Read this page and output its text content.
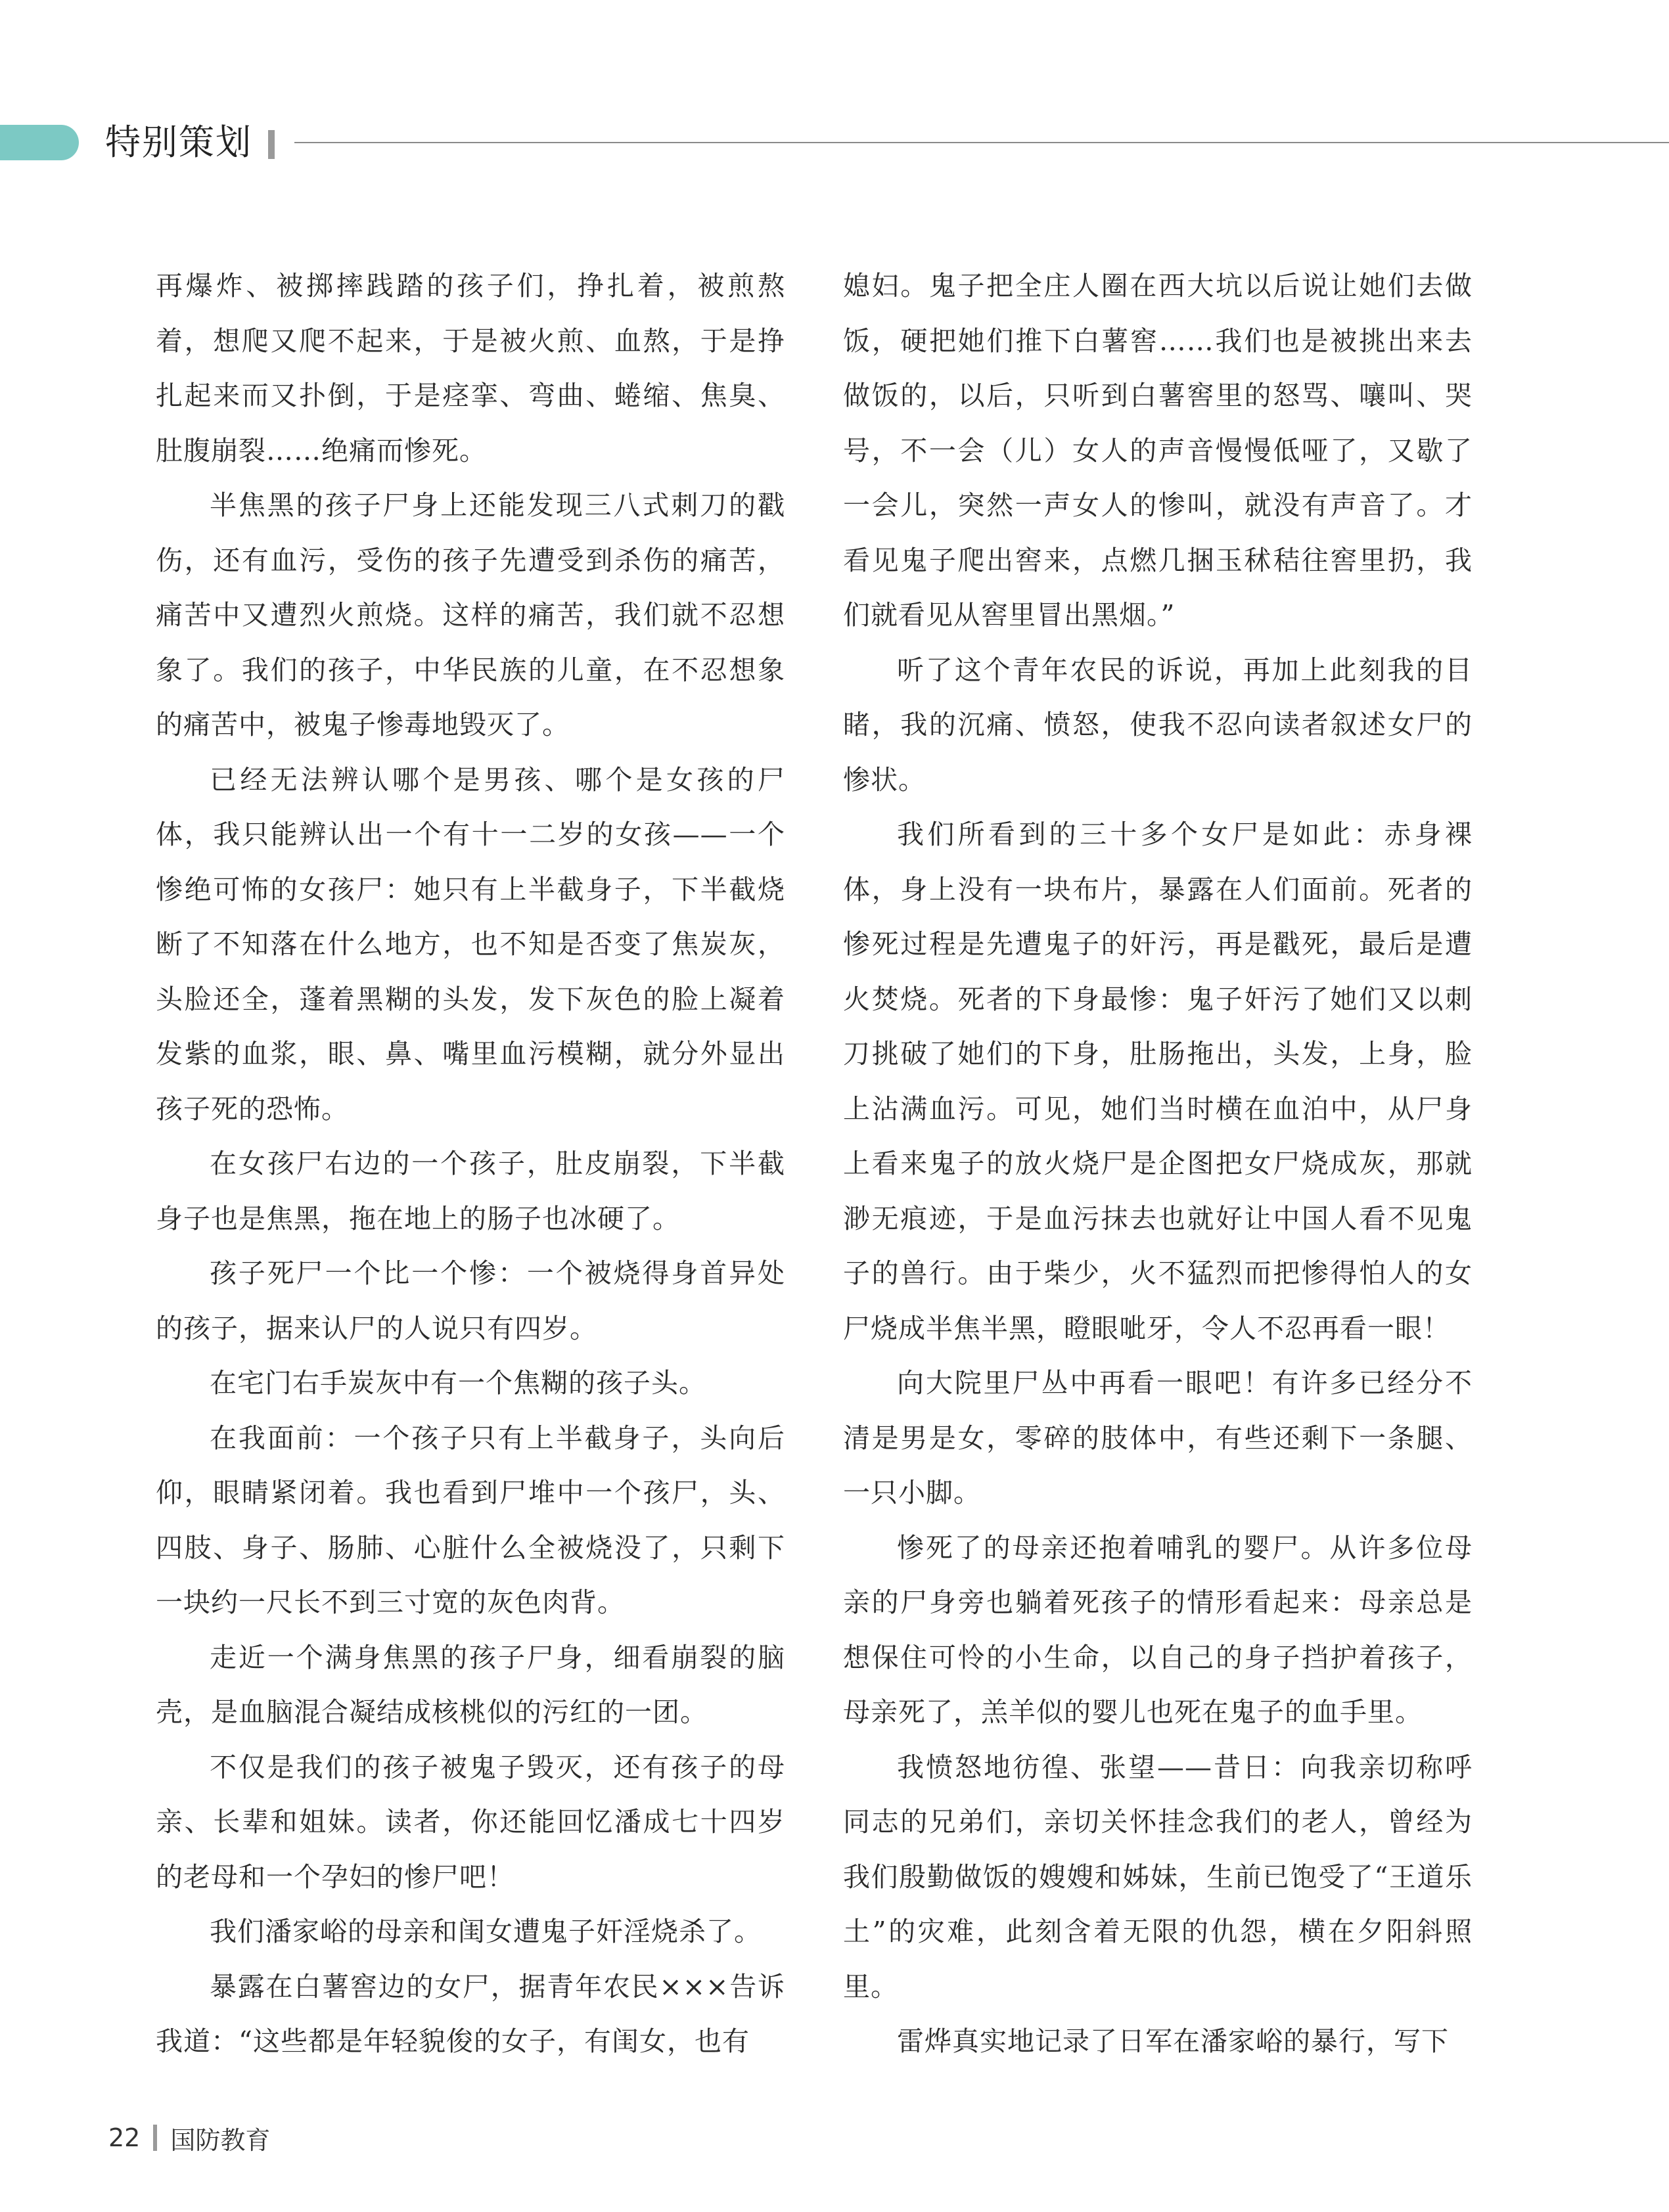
特别策划

再爆炸、被掷摔践踏的孩子们，挣扎着，被煎熬着，想爬又爬不起来，于是被火煎、血熬，于是挣扎起来而又扑倒，于是痉挛、弯曲、蜷缩、焦臭、肚腹崩裂……绝痛而惨死。

半焦黑的孩子尸身上还能发现三八式刺刀的戳伤，还有血污，受伤的孩子先遭受到杀伤的痛苦，痛苦中又遭烈火煎烧。这样的痛苦，我们就不忍想象了。我们的孩子，中华民族的儿童，在不忍想象的痛苦中，被鬼子惨毒地毁灭了。

已经无法辨认哪个是男孩、哪个是女孩的尸体，我只能辨认出一个有十一二岁的女孩——一个惨绝可怖的女孩尸：她只有上半截身子，下半截烧断了不知落在什么地方，也不知是否变了焦炭灰，头脸还全，蓬着黑糊的头发，发下灰色的脸上凝着发紫的血浆，眼、鼻、嘴里血污模糊，就分外显出孩子死的恐怖。

在女孩尸右边的一个孩子，肚皮崩裂，下半截身子也是焦黑，拖在地上的肠子也冰硬了。

孩子死尸一个比一个惨：一个被烧得身首异处的孩子，据来认尸的人说只有四岁。

在宅门右手炭灰中有一个焦糊的孩子头。

在我面前：一个孩子只有上半截身子，头向后仰，眼睛紧闭着。我也看到尸堆中一个孩尸，头、四肢、身子、肠肺、心脏什么全被烧没了，只剩下一块约一尺长不到三寸宽的灰色肉背。

走近一个满身焦黑的孩子尸身，细看崩裂的脑壳，是血脑混合凝结成核桃似的污红的一团。

不仅是我们的孩子被鬼子毁灭，还有孩子的母亲、长辈和姐妹。读者，你还能回忆潘成七十四岁的老母和一个孕妇的惨尸吧！

我们潘家峪的母亲和闺女遭鬼子奸淫烧杀了。

暴露在白薯窖边的女尸，据青年农民×××告诉我道：“这些都是年轻貌俊的女子，有闺女，也有

媳妇。鬼子把全庄人圈在西大坑以后说让她们去做饭，硬把她们推下白薯窖……我们也是被挑出来去做饭的，以后，只听到白薯窖里的怒骂、嚷叫、哭号，不一会（儿）女人的声音慢慢低哑了，又歇了一会儿，突然一声女人的惨叫，就没有声音了。才看见鬼子爬出窖来，点燃几捆玉秫秸往窖里扔，我们就看见从窖里冒出黑烟。”

听了这个青年农民的诉说，再加上此刻我的目睹，我的沉痛、愤怒，使我不忍向读者叙述女尸的惨状。

我们所看到的三十多个女尸是如此：赤身裸体，身上没有一块布片，暴露在人们面前。死者的惨死过程是先遭鬼子的奸污，再是戳死，最后是遭火焚烧。死者的下身最惨：鬼子奸污了她们又以刺刀挑破了她们的下身，肚肠拖出，头发，上身，脸上沾满血污。可见，她们当时横在血泊中，从尸身上看来鬼子的放火烧尸是企图把女尸烧成灰，那就渺无痕迹，于是血污抹去也就好让中国人看不见鬼子的兽行。由于柴少，火不猛烈而把惨得怕人的女尸烧成半焦半黑，瞪眼呲牙，令人不忍再看一眼！

向大院里尸丛中再看一眼吧！有许多已经分不清是男是女，零碎的肢体中，有些还剩下一条腿、一只小脚。

惨死了的母亲还抱着哺乳的婴尸。从许多位母亲的尸身旁也躺着死孩子的情形看起来：母亲总是想保住可怜的小生命，以自己的身子挡护着孩子，母亲死了，羔羊似的婴儿也死在鬼子的血手里。

我愤怒地彷徨、张望——昔日：向我亲切称呼同志的兄弟们，亲切关怀挂念我们的老人，曾经为我们殷勤做饭的嫂嫂和姊妹，生前已饱受了“王道乐土”的灾难，此刻含着无限的仇怨，横在夕阳斜照里。

雷烨真实地记录了日军在潘家峪的暴行，写下

22 国防教育
